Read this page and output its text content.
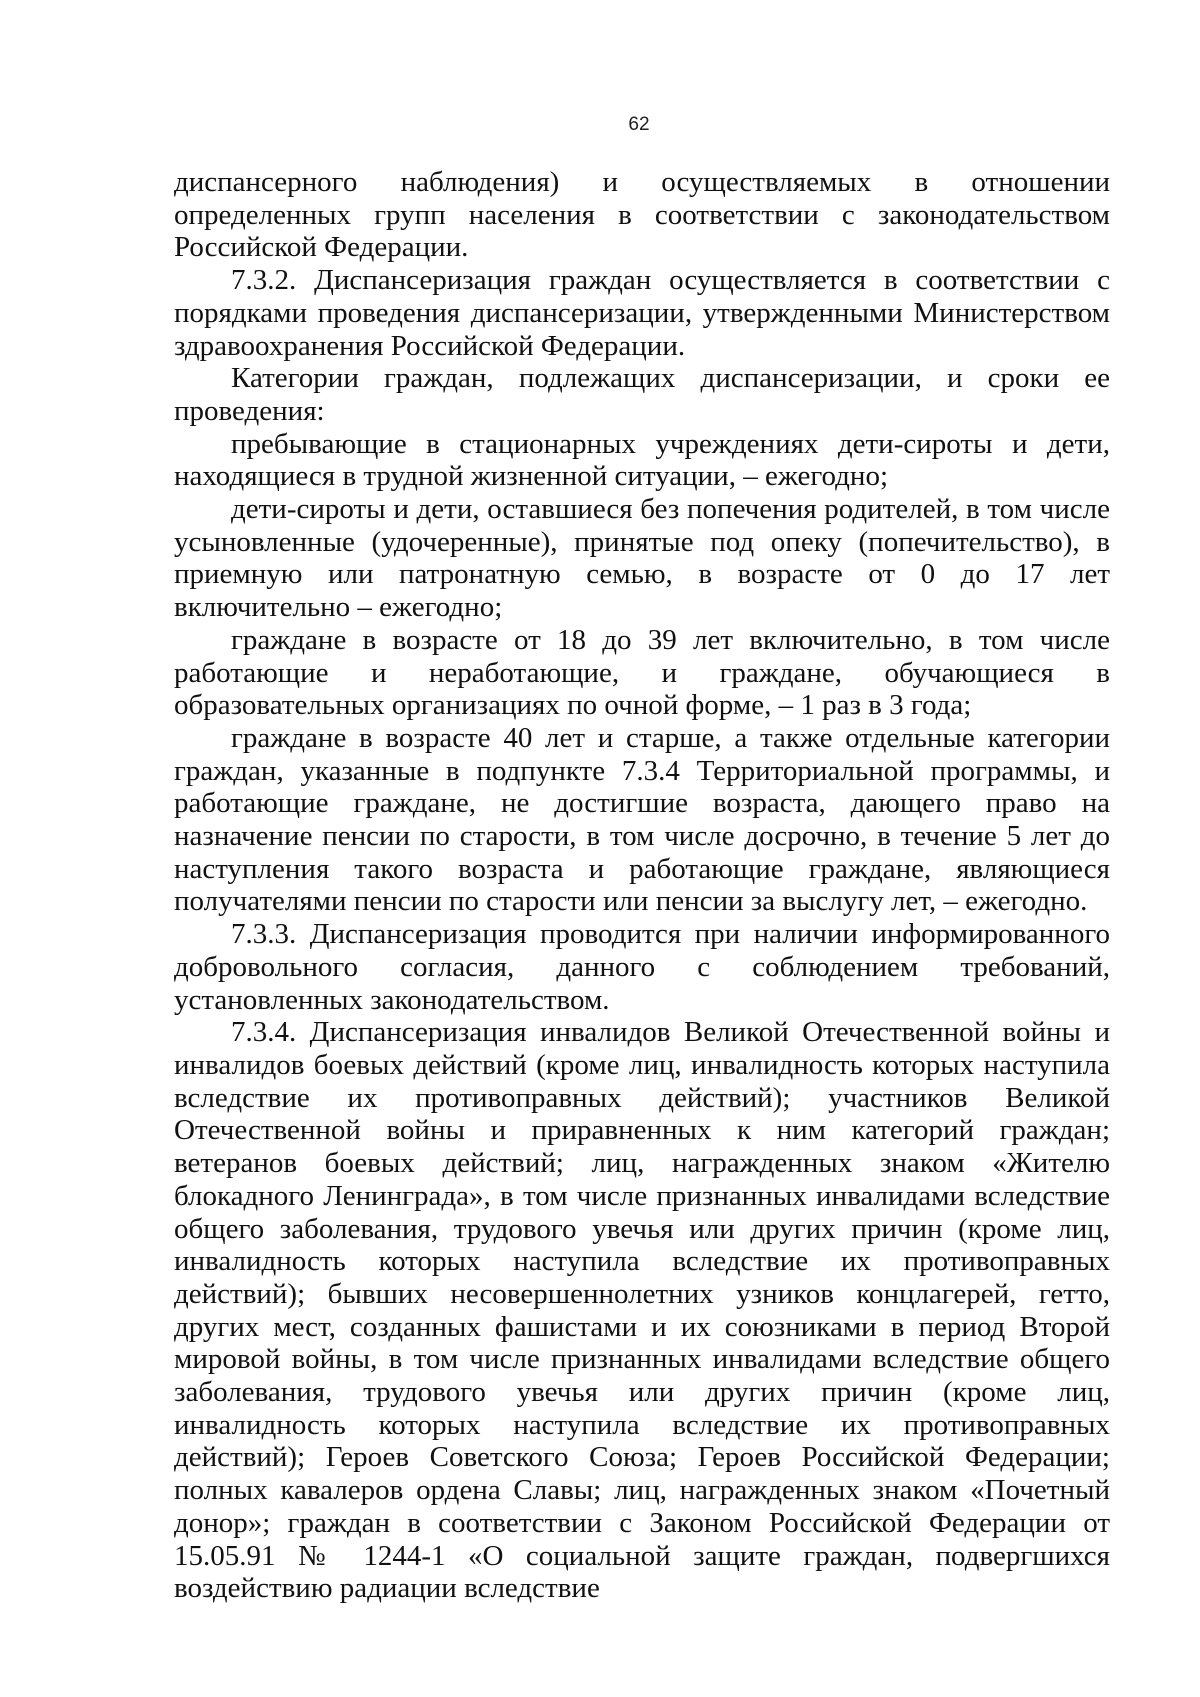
62

диспансерного наблюдения) и осуществляемых в отношении определенных групп населения в соответствии с законодательством Российской Федерации.

7.3.2. Диспансеризация граждан осуществляется в соответствии с порядками проведения диспансеризации, утвержденными Министерством здравоохранения Российской Федерации.

Категории граждан, подлежащих диспансеризации, и сроки ее проведения:

пребывающие в стационарных учреждениях дети-сироты и дети, находящиеся в трудной жизненной ситуации, – ежегодно;

дети-сироты и дети, оставшиеся без попечения родителей, в том числе усыновленные (удочеренные), принятые под опеку (попечительство), в приемную или патронатную семью, в возрасте от 0 до 17 лет включительно – ежегодно;

граждане в возрасте от 18 до 39 лет включительно, в том числе работающие и неработающие, и граждане, обучающиеся в образовательных организациях по очной форме, – 1 раз в 3 года;

граждане в возрасте 40 лет и старше, а также отдельные категории граждан, указанные в подпункте 7.3.4 Территориальной программы, и работающие граждане, не достигшие возраста, дающего право на назначение пенсии по старости, в том числе досрочно, в течение 5 лет до наступления такого возраста и работающие граждане, являющиеся получателями пенсии по старости или пенсии за выслугу лет, – ежегодно.

7.3.3. Диспансеризация проводится при наличии информированного добровольного согласия, данного с соблюдением требований, установленных законодательством.

7.3.4. Диспансеризация инвалидов Великой Отечественной войны и инвалидов боевых действий (кроме лиц, инвалидность которых наступила вследствие их противоправных действий); участников Великой Отечественной войны и приравненных к ним категорий граждан; ветеранов боевых действий; лиц, награжденных знаком «Жителю блокадного Ленинграда», в том числе признанных инвалидами вследствие общего заболевания, трудового увечья или других причин (кроме лиц, инвалидность которых наступила вследствие их противоправных действий); бывших несовершеннолетних узников концлагерей, гетто, других мест, созданных фашистами и их союзниками в период Второй мировой войны, в том числе признанных инвалидами вследствие общего заболевания, трудового увечья или других причин (кроме лиц, инвалидность которых наступила вследствие их противоправных действий); Героев Советского Союза; Героев Российской Федерации; полных кавалеров ордена Славы; лиц, награжденных знаком «Почетный донор»; граждан в соответствии с Законом Российской Федерации от 15.05.91 № 1244-1 «О социальной защите граждан, подвергшихся воздействию радиации вследствие
